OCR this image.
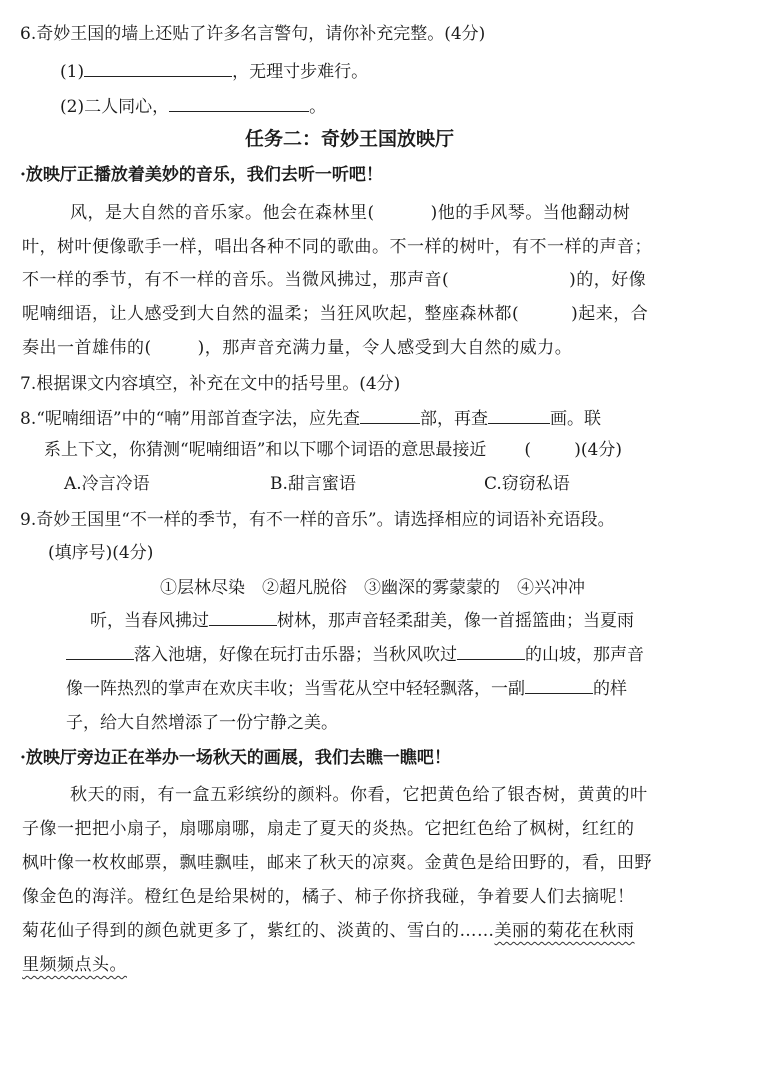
6.奇妙王国的墙上还贴了许多名言警句，请你补充完整。(4分)
(1)	，无理寸步难行。
(2)二人同心，	。
任务二：奇妙王国放映厅
·放映厅正播放着美妙的音乐，我们去听一听吧！
风，是大自然的音乐家。他会在森林里(	)他的手风琴。当他翻动树
叶，树叶便像歌手一样，唱出各种不同的歌曲。不一样的树叶，有不一样的声音；
不一样的季节，有不一样的音乐。当微风拂过，那声音(	)的，好像
呢喃细语，让人感受到大自然的温柔；当狂风吹起，整座森林都(	)起来，合
奏出一首雄伟的(	)，那声音充满力量，令人感受到大自然的威力。
7.根据课文内容填空，补充在文中的括号里。(4分)
8.“呢喃细语”中的“喃”用部首查字法，应先查	部，再查	画。联
系上下文，你猜测“呢喃细语”和以下哪个词语的意思最接近 (        )(4分)
A.冷言冷语	B.甜言蜜语	C.窃窃私语
9.奇妙王国里“不一样的季节，有不一样的音乐”。请选择相应的词语补充语段。
(填序号)(4分)
①层林尽染　②超凡脱俗　③幽深的雾蒙蒙的　④兴冲冲
听，当春风拂过	树林，那声音轻柔甜美，像一首摇篮曲；当夏雨
落入池塘，好像在玩打击乐器；当秋风吹过	的山坡，那声音
像一阵热烈的掌声在欢庆丰收；当雪花从空中轻轻飘落，一副	的样
子，给大自然增添了一份宁静之美。
·放映厅旁边正在举办一场秋天的画展，我们去瞧一瞧吧！
秋天的雨，有一盒五彩缤纷的颜料。你看，它把黄色给了银杏树，黄黄的叶
子像一把把小扇子，扇哪扇哪，扇走了夏天的炎热。它把红色给了枫树，红红的
枫叶像一枚枚邮票，飘哇飘哇，邮来了秋天的凉爽。金黄色是给田野的，看，田野
像金色的海洋。橙红色是给果树的，橘子、柿子你挤我碰，争着要人们去摘呢！
菊花仙子得到的颜色就更多了，紫红的、淡黄的、雪白的……美丽的菊花在秋雨
里频频点头。
